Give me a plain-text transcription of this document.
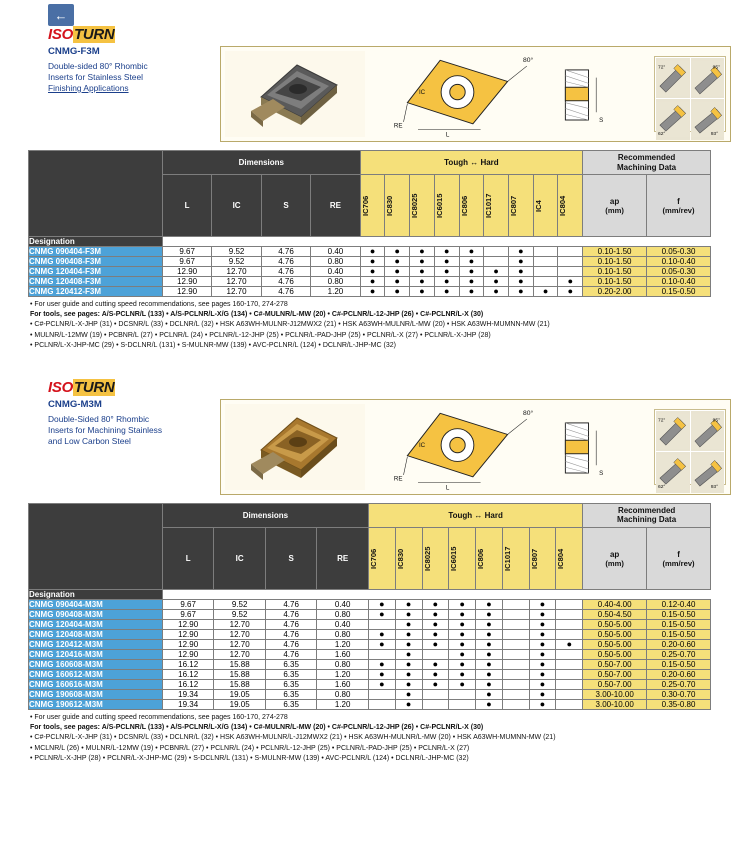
←
ISOTURN
CNMG-F3M
Double-sided 80° Rhombic
Inserts for Stainless Steel
Finishing Applications
80°
IC
RE
L
S
72°	95°
62°	93°
	Dimensions				Tough ↔ Hard									Recommended
Machining Data	

L	IC	S	RE	IC706	IC830	IC8025	IC6015	IC806	IC1017	IC807	IC4	IC804	ap
(mm)

f
(mm/rev)

Designation															
CNMG 090404-F3M	9.67	9.52	4.76	0.40	●	●	●	●	●		●			0.10-1.50	0.05-0.30
CNMG 090408-F3M	9.67	9.52	4.76	0.80	●	●	●	●	●		●			0.10-1.50	0.10-0.40
CNMG 120404-F3M	12.90	12.70	4.76	0.40	●	●	●	●	●	●	●			0.10-1.50	0.05-0.30
CNMG 120408-F3M	12.90	12.70	4.76	0.80	●	●	●	●	●	●	●		●	0.10-1.50	0.10-0.40
CNMG 120412-F3M	12.90	12.70	4.76	1.20	●	●	●	●	●	●	●	●	●	0.20-2.00	0.15-0.50
• For user guide and cutting speed recommendations, see pages 160-170, 274-278
For tools, see pages: A/S-PCLNR/L (133) • A/S-PCLNR/L-X/G (134) • C#-MULNR/L-MW (20) • C#-PCLNR/L-12-JHP (26) • C#-PCLNR/L-X (30)
• C#-PCLNR/L-X-JHP (31) • DCSNR/L (33) • DCLNR/L (32) • HSK A63WH-MULNR-J12MWX2 (21) • HSK A63WH-MULNR/L-MW (20) • HSK A63WH-MUMNN-MW (21)
• MULNR/L-12MW (19) • PCBNR/L (27) • PCLNR/L (24) • PCLNR/L-12-JHP (25) • PCLNR/L-PAD-JHP (25) • PCLNR/L-X (27) • PCLNR/L-X-JHP (28)
• PCLNR/L-X-JHP-MC (29) • S-DCLNR/L (131) • S-MULNR-MW (139) • AVC-PCLNR/L (124) • DCLNR/L-JHP-MC (32)
ISOTURN
CNMG-M3M
Double-Sided 80° Rhombic
Inserts for Machining Stainless
and Low Carbon Steel
80°
IC
RE
L
S
72°	95°
62°	93°
	Dimensions				Tough ↔ Hard								Recommended
Machining Data	

L	IC	S	RE	IC706	IC830	IC8025	IC6015	IC806	IC1017	IC807	IC804	ap
(mm)

f
(mm/rev)

Designation														
CNMG 090404-M3M	9.67	9.52	4.76	0.40	●	●	●	●	●		●		0.40-4.00	0.12-0.40
CNMG 090408-M3M	9.67	9.52	4.76	0.80	●	●	●	●	●		●		0.50-4.50	0.15-0.50
CNMG 120404-M3M	12.90	12.70	4.76	0.40		●	●	●	●		●		0.50-5.00	0.15-0.50
CNMG 120408-M3M	12.90	12.70	4.76	0.80	●	●	●	●	●		●		0.50-5.00	0.15-0.50
CNMG 120412-M3M	12.90	12.70	4.76	1.20	●	●	●	●	●		●	●	0.50-5.00	0.20-0.60
CNMG 120416-M3M	12.90	12.70	4.76	1.60		●		●	●		●		0.50-5.00	0.25-0.70
CNMG 160608-M3M	16.12	15.88	6.35	0.80	●	●	●	●	●		●		0.50-7.00	0.15-0.50
CNMG 160612-M3M	16.12	15.88	6.35	1.20	●	●	●	●	●		●		0.50-7.00	0.20-0.60
CNMG 160616-M3M	16.12	15.88	6.35	1.60	●	●	●	●	●		●		0.50-7.00	0.25-0.70
CNMG 190608-M3M	19.34	19.05	6.35	0.80		●			●		●		3.00-10.00	0.30-0.70
CNMG 190612-M3M	19.34	19.05	6.35	1.20		●			●		●		3.00-10.00	0.35-0.80
• For user guide and cutting speed recommendations, see pages 160-170, 274-278
For tools, see pages: A/S-PCLNR/L (133) • A/S-PCLNR/L-X/G (134) • C#-MULNR/L-MW (20) • C#-PCLNR/L-12-JHP (26) • C#-PCLNR/L-X (30)
• C#-PCLNR/L-X-JHP (31) • DCSNR/L (33) • DCLNR/L (32) • HSK A63WH-MULNR/L-J12MWX2 (21) • HSK A63WH-MULNR/L-MW (20) • HSK A63WH-MUMNN-MW (21)
• MCLNR/L (26) • MULNR/L-12MW (19) • PCBNR/L (27) • PCLNR/L (24) • PCLNR/L-12-JHP (25) • PCLNR/L-PAD-JHP (25) • PCLNR/L-X (27)
• PCLNR/L-X-JHP (28) • PCLNR/L-X-JHP-MC (29) • S-DCLNR/L (131) • S-MULNR-MW (139) • AVC-PCLNR/L (124) • DCLNR/L-JHP-MC (32)
